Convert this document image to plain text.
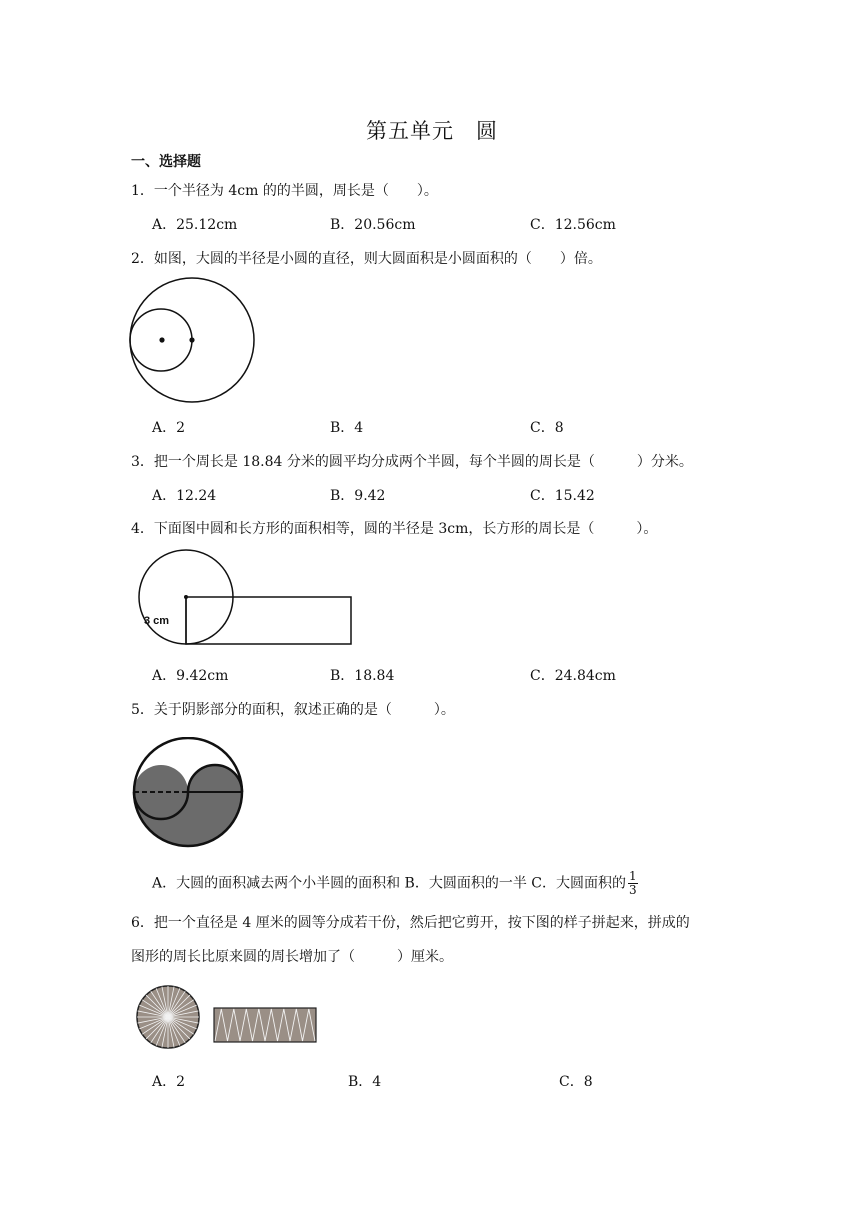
第五单元　圆
一、选择题
1．一个半径为 4cm 的的半圆，周长是（　　）。
A．25.12cm	B．20.56cm	C．12.56cm
2．如图，大圆的半径是小圆的直径，则大圆面积是小圆面积的（　　）倍。
A．2	B．4	C．8
3．把一个周长是 18.84 分米的圆平均分成两个半圆，每个半圆的周长是（　　　）分米。
A．12.24	B．9.42	C．15.42
4．下面图中圆和长方形的面积相等，圆的半径是 3cm，长方形的周长是（　　　）。
3 cm
A．9.42cm	B．18.84	C．24.84cm
5．关于阴影部分的面积，叙述正确的是（　　　）。
A．大圆的面积减去两个小半圆的面积和 B．大圆面积的一半 C．大圆面积的 $\frac{1}{3}$
6．把一个直径是 4 厘米的圆等分成若干份，然后把它剪开，按下图的样子拼起来，拼成的
图形的周长比原来圆的周长增加了（　　　）厘米。
A．2	B．4	C．8
